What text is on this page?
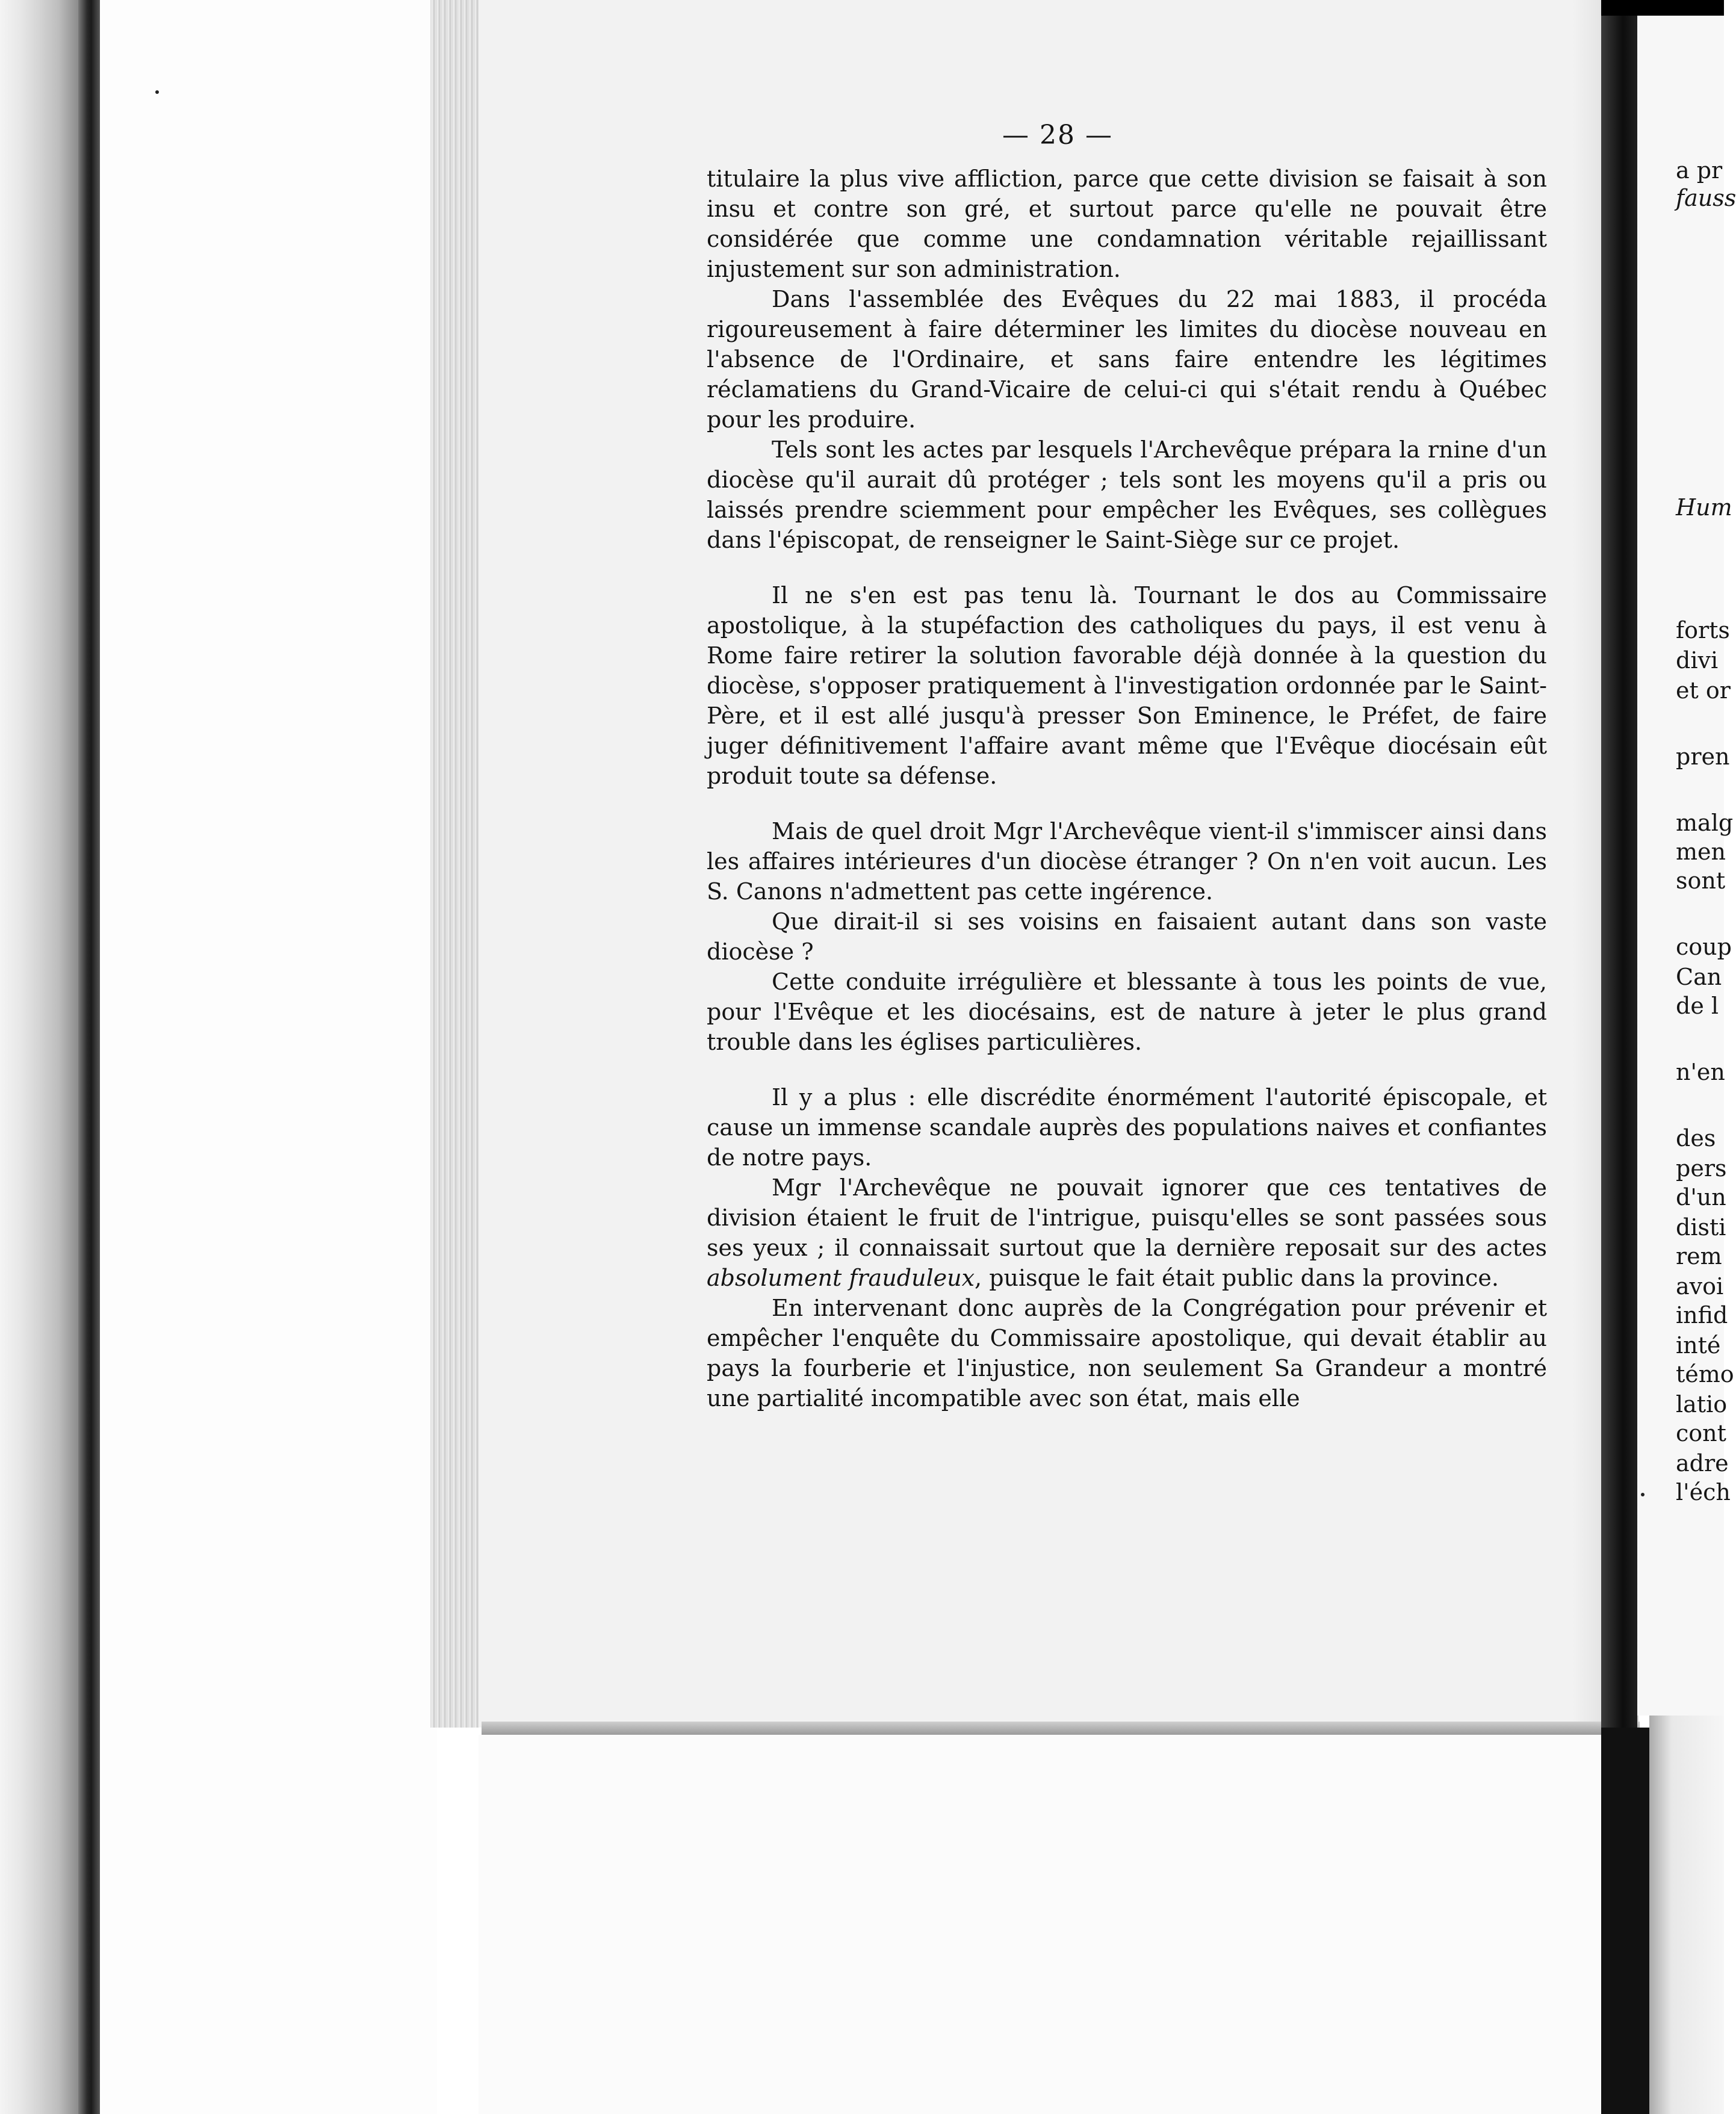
— 28 —

titulaire la plus vive affliction, parce que cette division se faisait à son insu et contre son gré, et surtout parce qu'elle ne pouvait être considérée que comme une condamnation véritable rejaillissant injustement sur son administration.

Dans l'assemblée des Evêques du 22 mai 1883, il procéda rigoureusement à faire déterminer les limites du diocèse nouveau en l'absence de l'Ordinaire, et sans faire entendre les légitimes réclamatiens du Grand-Vicaire de celui-ci qui s'était rendu à Québec pour les produire.

Tels sont les actes par lesquels l'Archevêque prépara la rnine d'un diocèse qu'il aurait dû protéger ; tels sont les moyens qu'il a pris ou laissés prendre sciemment pour empêcher les Evêques, ses collègues dans l'épiscopat, de renseigner le Saint-Siège sur ce projet.

Il ne s'en est pas tenu là. Tournant le dos au Commissaire apostolique, à la stupéfaction des catholiques du pays, il est venu à Rome faire retirer la solution favorable déjà donnée à la question du diocèse, s'opposer pratiquement à l'investigation ordonnée par le Saint-Père, et il est allé jusqu'à presser Son Eminence, le Préfet, de faire juger définitivement l'affaire avant même que l'Evêque diocésain eût produit toute sa défense.

Mais de quel droit Mgr l'Archevêque vient-il s'immiscer ainsi dans les affaires intérieures d'un diocèse étranger ? On n'en voit aucun. Les S. Canons n'admettent pas cette ingérence.

Que dirait-il si ses voisins en faisaient autant dans son vaste diocèse ?

Cette conduite irrégulière et blessante à tous les points de vue, pour l'Evêque et les diocésains, est de nature à jeter le plus grand trouble dans les églises particulières.

Il y a plus : elle discrédite énormément l'autorité épiscopale, et cause un immense scandale auprès des populations naives et confiantes de notre pays.

Mgr l'Archevêque ne pouvait ignorer que ces tentatives de division étaient le fruit de l'intrigue, puisqu'elles se sont passées sous ses yeux ; il connaissait surtout que la dernière reposait sur des actes absolument frauduleux, puisque le fait était public dans la province.

En intervenant donc auprès de la Congrégation pour prévenir et empêcher l'enquête du Commissaire apostolique, qui devait établir au pays la fourberie et l'injustice, non seulement Sa Grandeur a montré une partialité incompatible avec son état, mais elle

a pr
fauss
Hum
forts
divi
et or
pren
malg
men
sont
coup
Can
de l
n'en
des
pers
d'un
disti
rem
avoi
infid
inté
témo
latio
cont
adre
l'éch
